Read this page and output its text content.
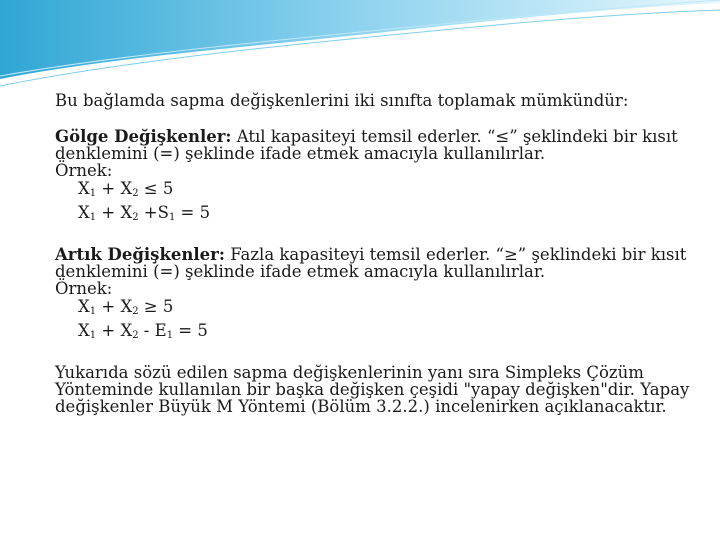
Bu bağlamda sapma değişkenlerini iki sınıfta toplamak mümkündür:

Gölge Değişkenler: Atıl kapasiteyi temsil ederler. “≤” şeklindeki bir kısıt denklemini (=) şeklinde ifade etmek amacıyla kullanılırlar.

Örnek:

$X_1 + X_2 \le 5$

$X_1 + X_2 +S_1 = 5$

Artık Değişkenler: Fazla kapasiteyi temsil ederler. “≥” şeklindeki bir kısıt denklemini (=) şeklinde ifade etmek amacıyla kullanılırlar.

Örnek:

$X_1 + X_2 \ge 5$

$X_1 + X_2 - E_1 = 5$

Yukarıda sözü edilen sapma değişkenlerinin yanı sıra Simpleks Çözüm Yönteminde kullanılan bir başka değişken çeşidi "yapay değişken"dir. Yapay değişkenler Büyük M Yöntemi (Bölüm 3.2.2.) incelenirken açıklanacaktır.
